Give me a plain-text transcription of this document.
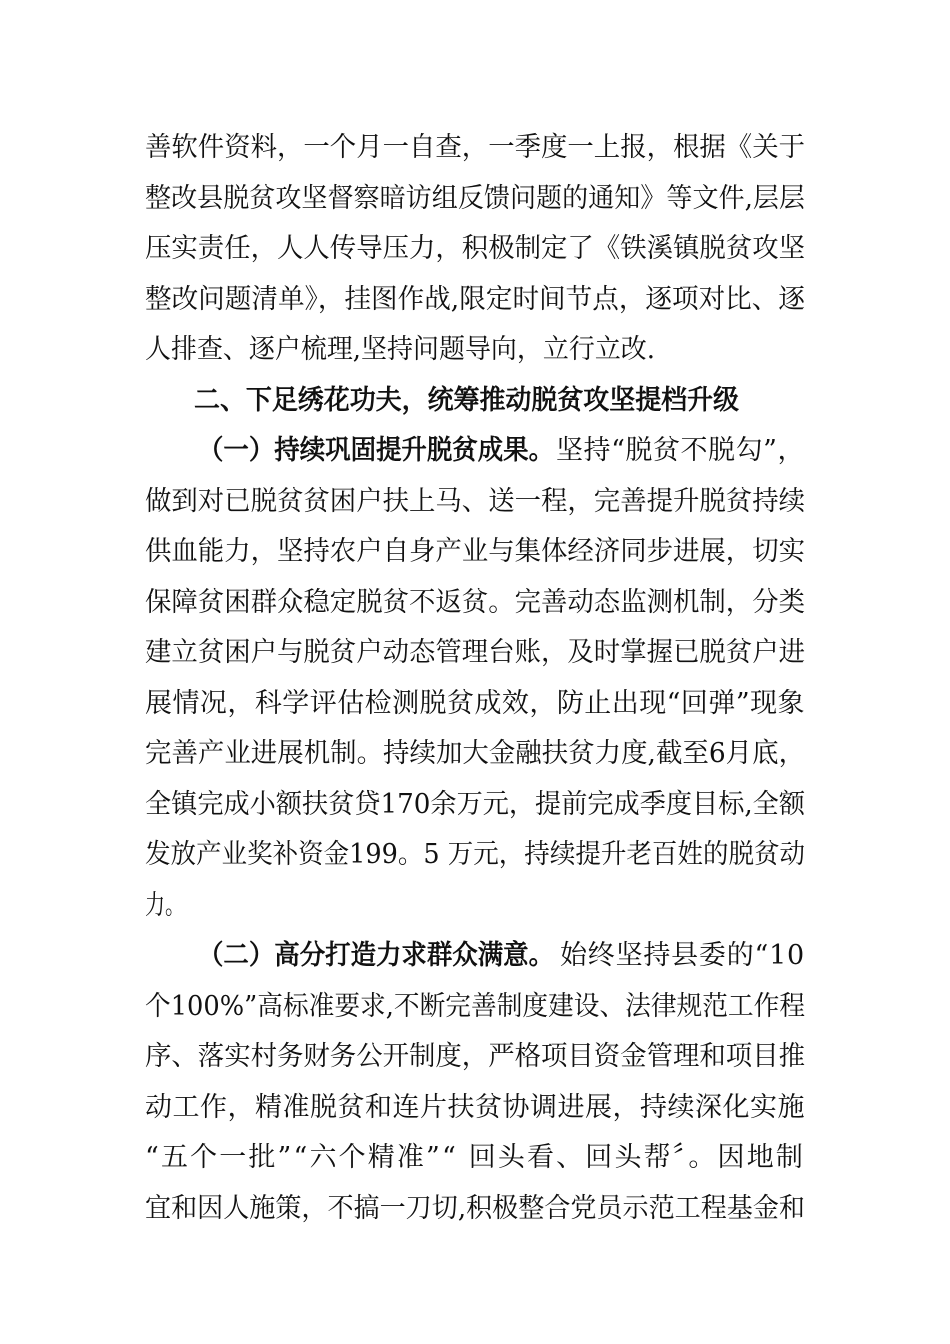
善软件资料，一个月一自查，一季度一上报，根据《关于
整改县脱贫攻坚督察暗访组反馈问题的通知》等文件,层层
压实责任，人人传导压力，积极制定了《铁溪镇脱贫攻坚
整改问题清单》，挂图作战,限定时间节点，逐项对比、逐
人排查、逐户梳理,坚持问题导向，立行立改.
二、下足绣花功夫，统筹推动脱贫攻坚提档升级
（一）持续巩固提升脱贫成果。 坚持“脱贫不脱勾”，
做到对已脱贫贫困户扶上马、送一程，完善提升脱贫持续
供血能力，坚持农户自身产业与集体经济同步进展，切实
保障贫困群众稳定脱贫不返贫。完善动态监测机制，分类
建立贫困户与脱贫户动态管理台账，及时掌握已脱贫户进
展情况，科学评估检测脱贫成效，防止出现“回弹”现象
完善产业进展机制。持续加大金融扶贫力度,截至6月底，
全镇完成小额扶贫贷170余万元，提前完成季度目标,全额
发放产业奖补资金199。5 万元，持续提升老百姓的脱贫动
力。
（二）高分打造力求群众满意。 始终坚持县委的“10
个100%”高标准要求,不断完善制度建设、法律规范工作程
序、落实村务财务公开制度，严格项目资金管理和项目推
动工作，精准脱贫和连片扶贫协调进展，持续深化实施
“五个一批”“六个精准”“ 回头看、回头帮〞。因地制
宜和因人施策，不搞一刀切,积极整合党员示范工程基金和
